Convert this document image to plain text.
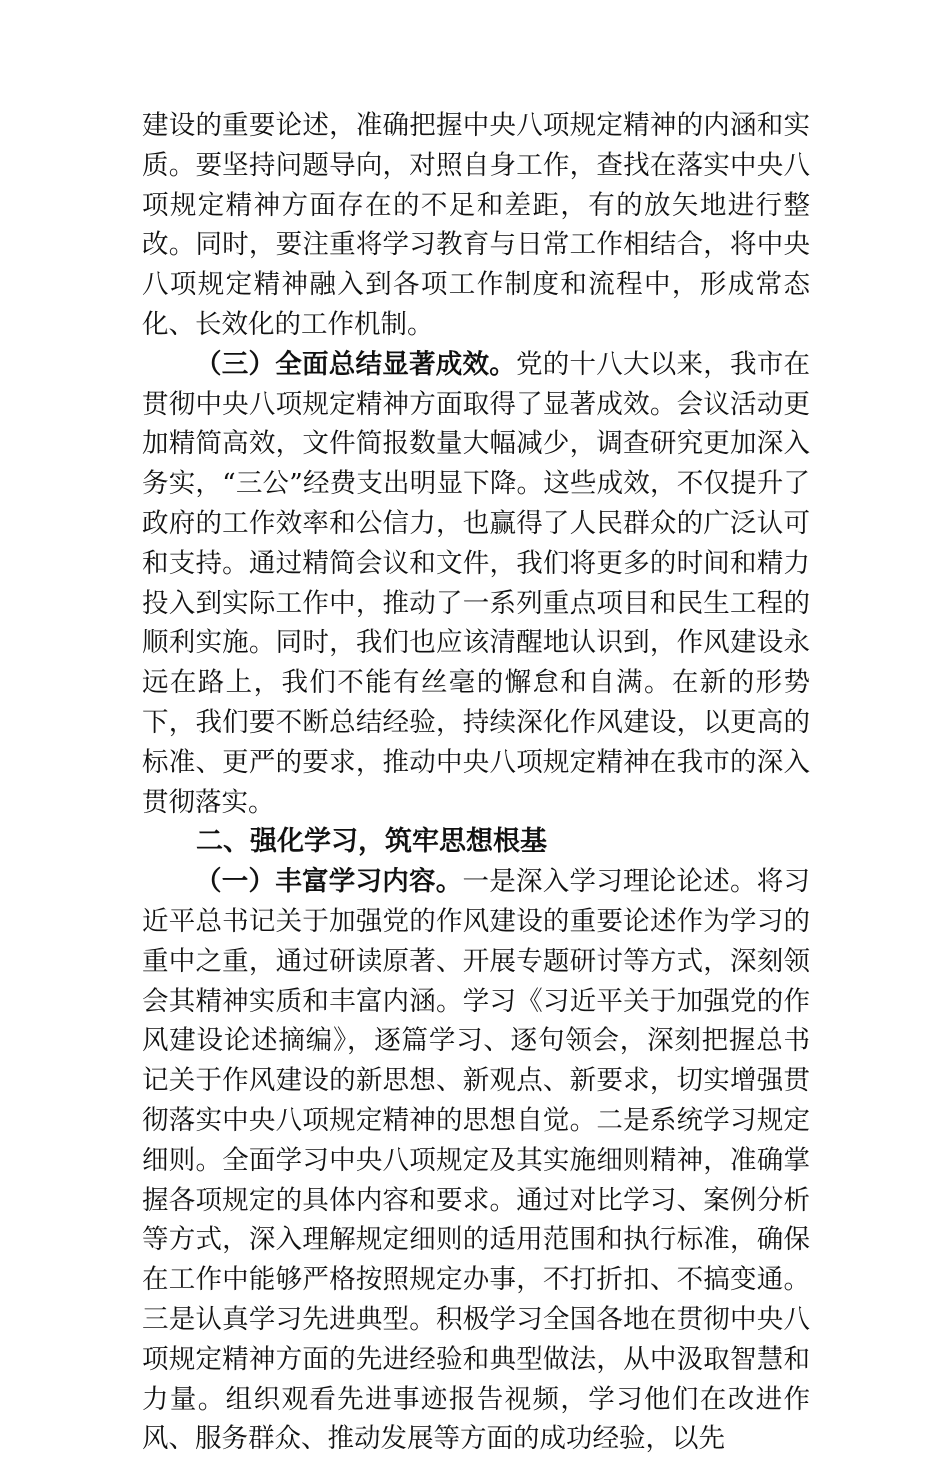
建设的重要论述，准确把握中央八项规定精神的内涵和实质。要坚持问题导向，对照自身工作，查找在落实中央八项规定精神方面存在的不足和差距，有的放矢地进行整改。同时，要注重将学习教育与日常工作相结合，将中央八项规定精神融入到各项工作制度和流程中，形成常态化、长效化的工作机制。

（三）全面总结显著成效。党的十八大以来，我市在贯彻中央八项规定精神方面取得了显著成效。会议活动更加精简高效，文件简报数量大幅减少，调查研究更加深入务实，“三公”经费支出明显下降。这些成效，不仅提升了政府的工作效率和公信力，也赢得了人民群众的广泛认可和支持。通过精简会议和文件，我们将更多的时间和精力投入到实际工作中，推动了一系列重点项目和民生工程的顺利实施。同时，我们也应该清醒地认识到，作风建设永远在路上，我们不能有丝毫的懈怠和自满。在新的形势下，我们要不断总结经验，持续深化作风建设，以更高的标准、更严的要求，推动中央八项规定精神在我市的深入贯彻落实。

二、强化学习，筑牢思想根基

（一）丰富学习内容。一是深入学习理论论述。将习近平总书记关于加强党的作风建设的重要论述作为学习的重中之重，通过研读原著、开展专题研讨等方式，深刻领会其精神实质和丰富内涵。学习《习近平关于加强党的作风建设论述摘编》，逐篇学习、逐句领会，深刻把握总书记关于作风建设的新思想、新观点、新要求，切实增强贯彻落实中央八项规定精神的思想自觉。二是系统学习规定细则。全面学习中央八项规定及其实施细则精神，准确掌握各项规定的具体内容和要求。通过对比学习、案例分析等方式，深入理解规定细则的适用范围和执行标准，确保在工作中能够严格按照规定办事，不打折扣、不搞变通。三是认真学习先进典型。积极学习全国各地在贯彻中央八项规定精神方面的先进经验和典型做法，从中汲取智慧和力量。组织观看先进事迹报告视频，学习他们在改进作风、服务群众、推动发展等方面的成功经验，以先
